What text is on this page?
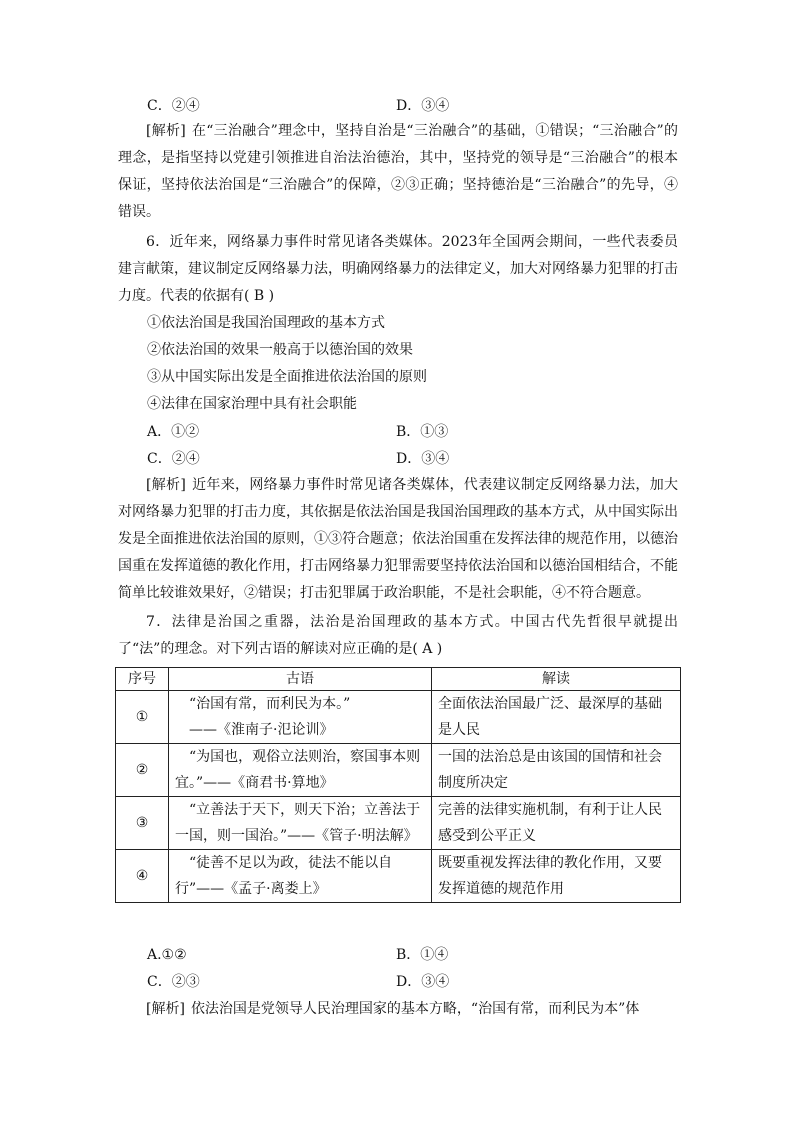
C．②④	D．③④
[解析] 在“三治融合”理念中，坚持自治是“三治融合”的基础，①错误；“三治融合”的理念，是指坚持以党建引领推进自治法治德治，其中，坚持党的领导是“三治融合”的根本保证，坚持依法治国是“三治融合”的保障，②③正确；坚持德治是“三治融合”的先导，④错误。
6．近年来，网络暴力事件时常见诸各类媒体。2023年全国两会期间，一些代表委员建言献策，建议制定反网络暴力法，明确网络暴力的法律定义，加大对网络暴力犯罪的打击力度。代表的依据有( B )
①依法治国是我国治国理政的基本方式
②依法治国的效果一般高于以德治国的效果
③从中国实际出发是全面推进依法治国的原则
④法律在国家治理中具有社会职能
A．①②	B．①③
C．②④	D．③④
[解析] 近年来，网络暴力事件时常见诸各类媒体，代表建议制定反网络暴力法，加大对网络暴力犯罪的打击力度，其依据是依法治国是我国治国理政的基本方式，从中国实际出发是全面推进依法治国的原则，①③符合题意；依法治国重在发挥法律的规范作用，以德治国重在发挥道德的教化作用，打击网络暴力犯罪需要坚持依法治国和以德治国相结合，不能简单比较谁效果好，②错误；打击犯罪属于政治职能，不是社会职能，④不符合题意。
7．法律是治国之重器，法治是治国理政的基本方式。中国古代先哲很早就提出了“法”的理念。对下列古语的解读对应正确的是( A )
序号	古语	解读
①	“治国有常，而利民为本。”
——《淮南子·氾论训》	全面依法治国最广泛、最深厚的基础是人民
②	“为国也，观俗立法则治，察国事本则宜。”——《商君书·算地》	一国的法治总是由该国的国情和社会制度所决定
③	“立善法于天下，则天下治；立善法于一国，则一国治。”——《管子·明法解》	完善的法律实施机制，有利于让人民感受到公平正义
④	“徒善不足以为政，徒法不能以自行”——《孟子·离娄上》	既要重视发挥法律的教化作用，又要发挥道德的规范作用
A.①②	B．①④
C．②③	D．③④
[解析] 依法治国是党领导人民治理国家的基本方略，“治国有常，而利民为本”体
